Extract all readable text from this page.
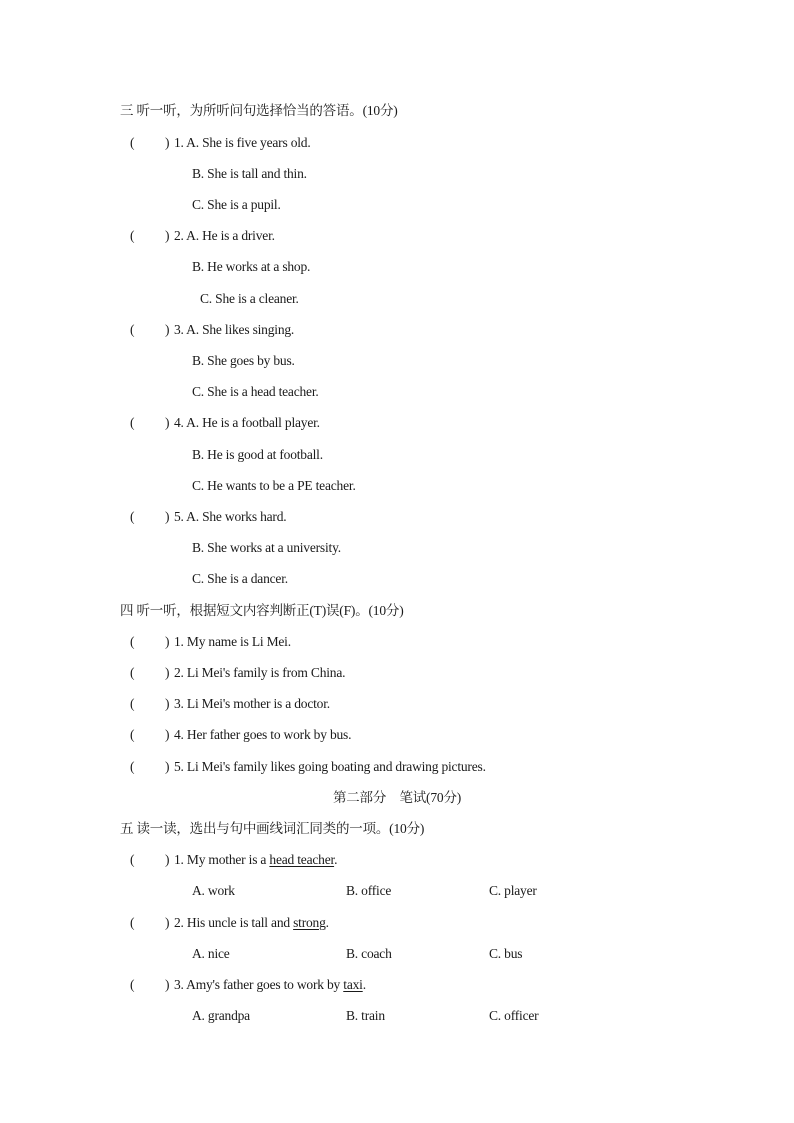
三 听一听，为所听问句选择恰当的答语。(10分)
( ) 1. A. She is five years old.
B. She is tall and thin.
C. She is a pupil.
( ) 2. A. He is a driver.
B. He works at a shop.
C. She is a cleaner.
( ) 3. A. She likes singing.
B. She goes by bus.
C. She is a head teacher.
( ) 4. A. He is a football player.
B. He is good at football.
C. He wants to be a PE teacher.
( ) 5. A. She works hard.
B. She works at a university.
C. She is a dancer.
四 听一听，根据短文内容判断正(T)误(F)。(10分)
( ) 1. My name is Li Mei.
( ) 2. Li Mei's family is from China.
( ) 3. Li Mei's mother is a doctor.
( ) 4. Her father goes to work by bus.
( ) 5. Li Mei's family likes going boating and drawing pictures.
第二部分　笔试(70分)
五 读一读，选出与句中画线词汇同类的一项。(10分)
( ) 1. My mother is a head teacher.
A. work	B. office	C. player
( ) 2. His uncle is tall and strong.
A. nice	B. coach	C. bus
( ) 3. Amy's father goes to work by taxi.
A. grandpa	B. train	C. officer
